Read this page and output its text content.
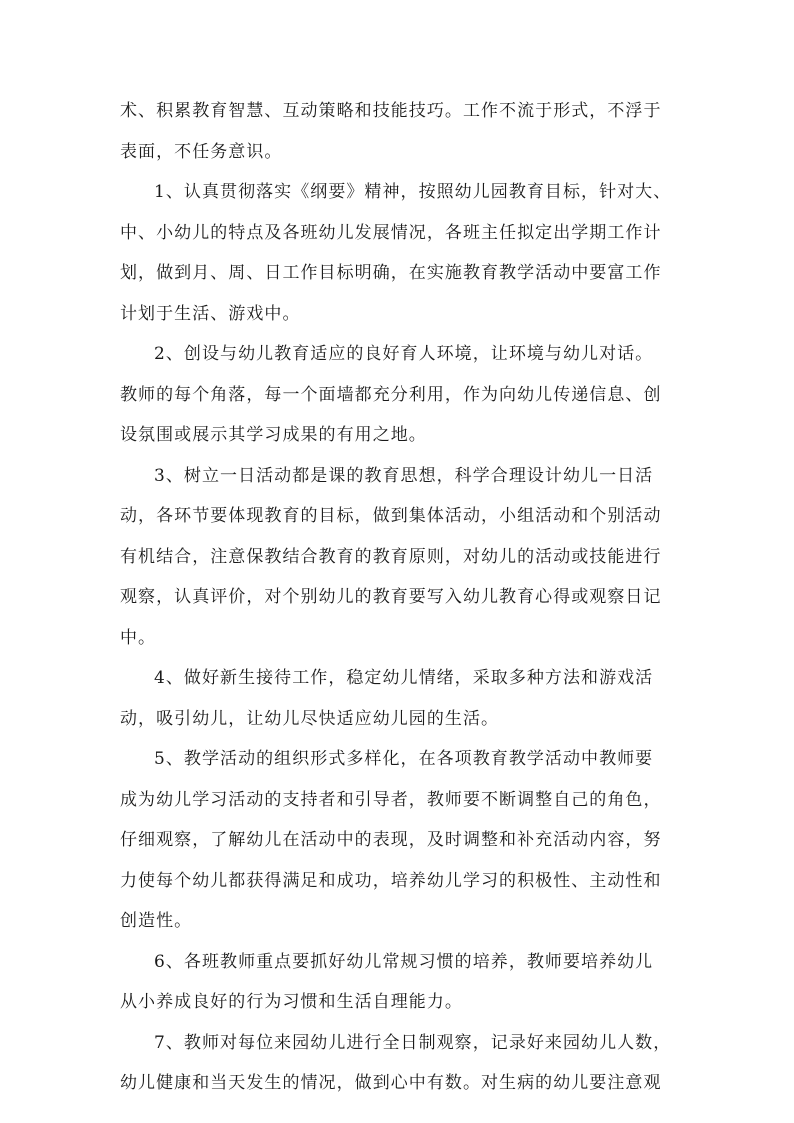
术、积累教育智慧、互动策略和技能技巧。工作不流于形式，不浮于
表面，不任务意识。
1、认真贯彻落实《纲要》精神，按照幼儿园教育目标，针对大、
中、小幼儿的特点及各班幼儿发展情况，各班主任拟定出学期工作计
划，做到月、周、日工作目标明确，在实施教育教学活动中要富工作
计划于生活、游戏中。
2、创设与幼儿教育适应的良好育人环境，让环境与幼儿对话。
教师的每个角落，每一个面墙都充分利用，作为向幼儿传递信息、创
设氛围或展示其学习成果的有用之地。
3、树立一日活动都是课的教育思想，科学合理设计幼儿一日活
动，各环节要体现教育的目标，做到集体活动，小组活动和个别活动
有机结合，注意保教结合教育的教育原则，对幼儿的活动或技能进行
观察，认真评价，对个别幼儿的教育要写入幼儿教育心得或观察日记
中。
4、做好新生接待工作，稳定幼儿情绪，采取多种方法和游戏活
动，吸引幼儿，让幼儿尽快适应幼儿园的生活。
5、教学活动的组织形式多样化，在各项教育教学活动中教师要
成为幼儿学习活动的支持者和引导者，教师要不断调整自己的角色，
仔细观察，了解幼儿在活动中的表现，及时调整和补充活动内容，努
力使每个幼儿都获得满足和成功，培养幼儿学习的积极性、主动性和
创造性。
6、各班教师重点要抓好幼儿常规习惯的培养，教师要培养幼儿
从小养成良好的行为习惯和生活自理能力。
7、教师对每位来园幼儿进行全日制观察，记录好来园幼儿人数，
幼儿健康和当天发生的情况，做到心中有数。对生病的幼儿要注意观
